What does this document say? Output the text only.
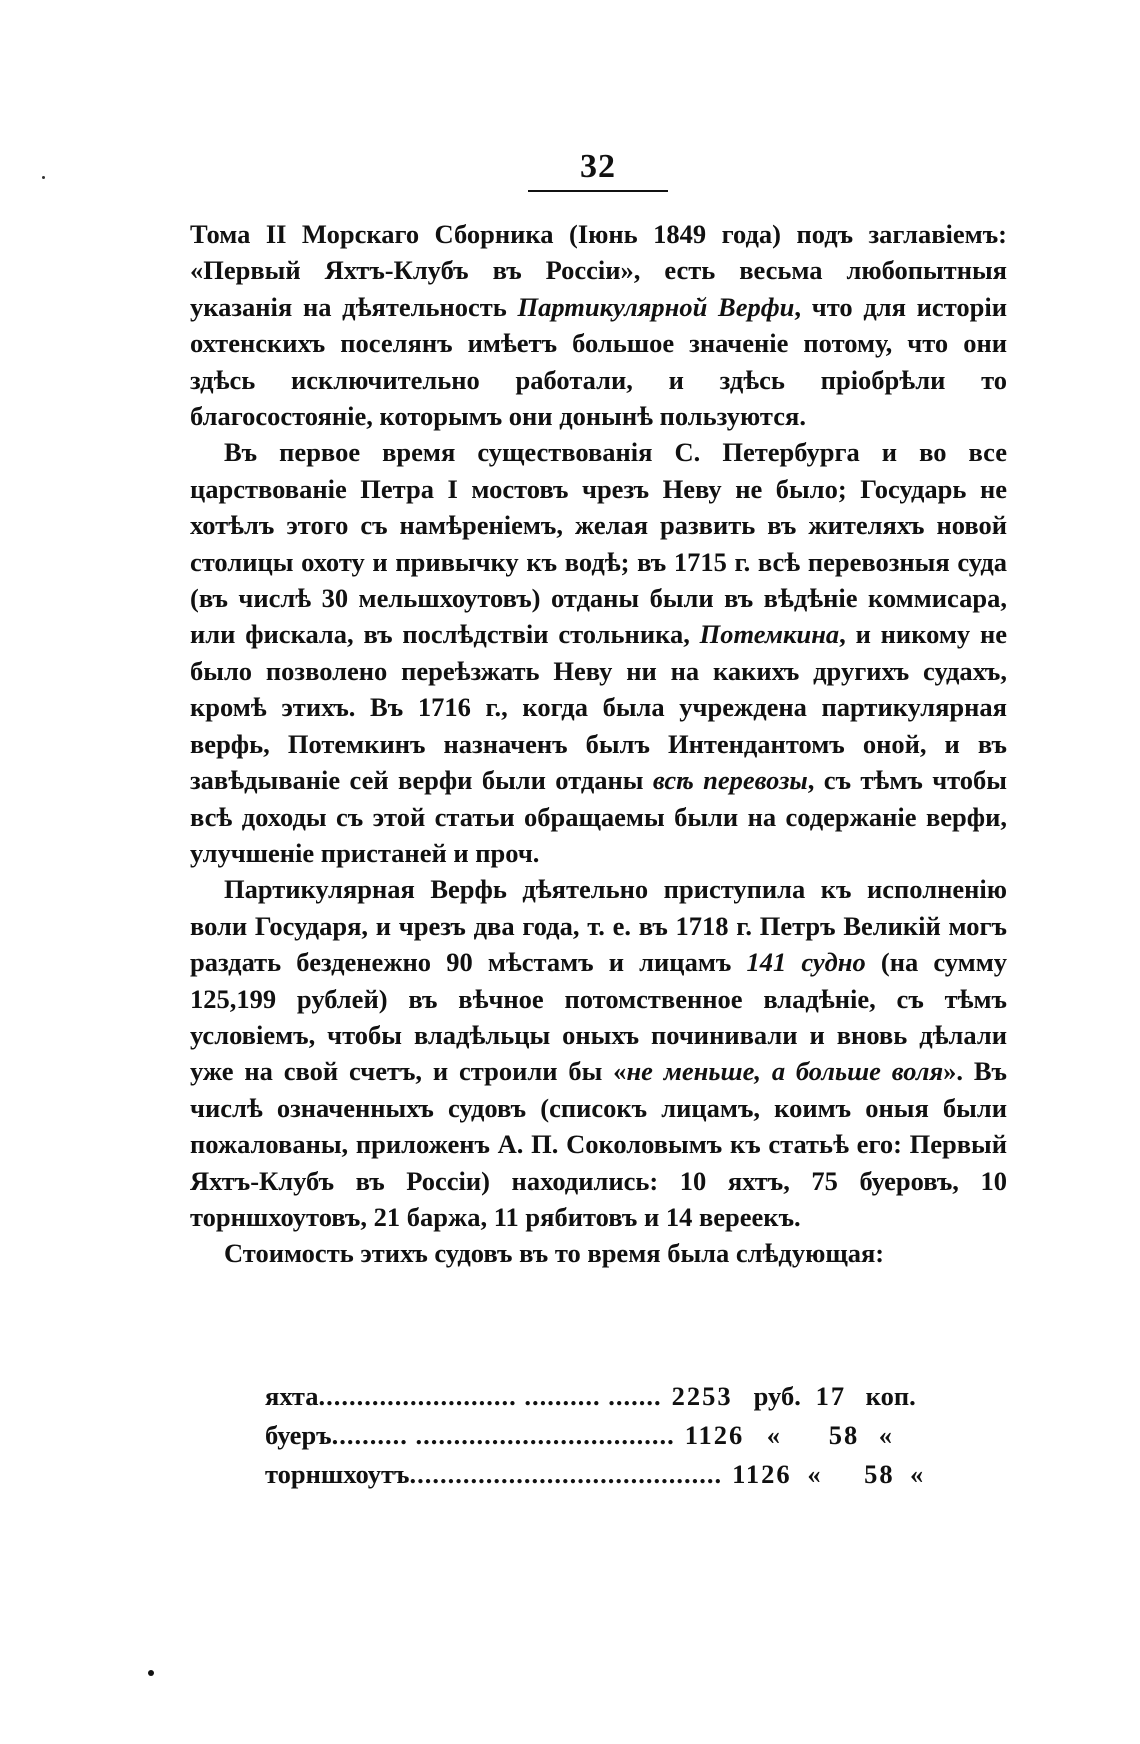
32

Тома II Морскаго Сборника (Іюнь 1849 года) подъ заглавіемъ: «Первый Яхтъ-Клубъ въ Россіи», есть весьма любопытныя указанія на дѣятельность Партикулярной Верфи, что для исторіи охтенскихъ поселянъ имѣетъ большое значеніе потому, что они здѣсь исключительно работали, и здѣсь пріобрѣли то благосостояніе, которымъ они донынѣ пользуются.

Въ первое время существованія С. Петербурга и во все царствованіе Петра I мостовъ чрезъ Неву не было; Государь не хотѣлъ этого съ намѣреніемъ, желая развить въ жителяхъ новой столицы охоту и привычку къ водѣ; въ 1715 г. всѣ перевозныя суда (въ числѣ 30 мельшхоутовъ) отданы были въ вѣдѣніе коммисара, или фискала, въ послѣдствіи стольника, Потемкина, и никому не было позволено переѣзжать Неву ни на какихъ другихъ судахъ, кромѣ этихъ. Въ 1716 г., когда была учреждена партикулярная верфь, Потемкинъ назначенъ былъ Интендантомъ оной, и въ завѣдываніе сей верфи были отданы всѣ перевозы, съ тѣмъ чтобы всѣ доходы съ этой статьи обращаемы были на содержаніе верфи, улучшеніе пристаней и проч.

Партикулярная Верфь дѣятельно приступила къ исполненію воли Государя, и чрезъ два года, т. е. въ 1718 г. Петръ Великій могъ раздать безденежно 90 мѣстамъ и лицамъ 141 судно (на сумму 125,199 рублей) въ вѣчное потомственное владѣніе, съ тѣмъ условіемъ, чтобы владѣльцы оныхъ починивали и вновь дѣлали уже на свой счетъ, и строили бы «не меньше, а больше воля». Въ числѣ означенныхъ судовъ (списокъ лицамъ, коимъ оныя были пожалованы, приложенъ А. П. Соколовымъ къ статьѣ его: Первый Яхтъ-Клубъ въ Россіи) находились: 10 яхтъ, 75 буеровъ, 10 торншхоутовъ, 21 баржа, 11 рябитовъ и 14 вереекъ.

Стоимость этихъ судовъ въ то время была слѣдующая:

яхта .......................... .......... ....... 2253 руб. 17 коп.
буеръ .......... .................................. 1126 «	58 «
торншхоутъ ......................................... 1126 «	58 «
